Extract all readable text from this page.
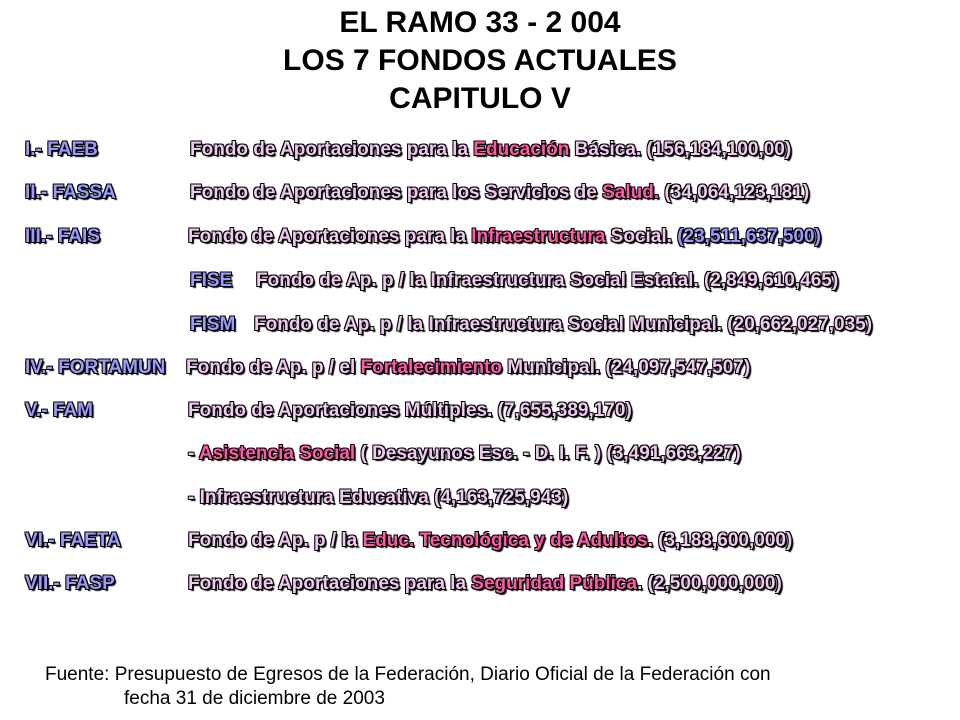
EL RAMO 33 - 2 004
LOS 7 FONDOS ACTUALES
CAPITULO V
I.- FAEB	Fondo de Aportaciones para la Educación Básica. (156,184,100,00)
II.- FASSA	Fondo de Aportaciones para los Servicios de Salud. (34,064,123,181)
III.- FAIS	Fondo de Aportaciones para la Infraestructura Social. (23,511,637,500)
FISE Fondo de Ap. p / la Infraestructura Social Estatal. (2,849,610,465)
FISM Fondo de Ap. p / la Infraestructura Social Municipal. (20,662,027,035)
IV.- FORTAMUN Fondo de Ap. p / el Fortalecimiento Municipal. (24,097,547,507)
V.- FAM	Fondo de Aportaciones Múltiples. (7,655,389,170)
- Asistencia Social ( Desayunos Esc. - D. I. F. ) (3,491,663,227)
- Infraestructura Educativa (4,163,725,943)
VI.- FAETA	Fondo de Ap. p / la Educ. Tecnológica y de Adultos. (3,188,600,000)
VII.- FASP	Fondo de Aportaciones para la Seguridad Pública. (2,500,000,000)
Fuente: Presupuesto de Egresos de la Federación, Diario Oficial de la Federación con
fecha 31 de diciembre de 2003
